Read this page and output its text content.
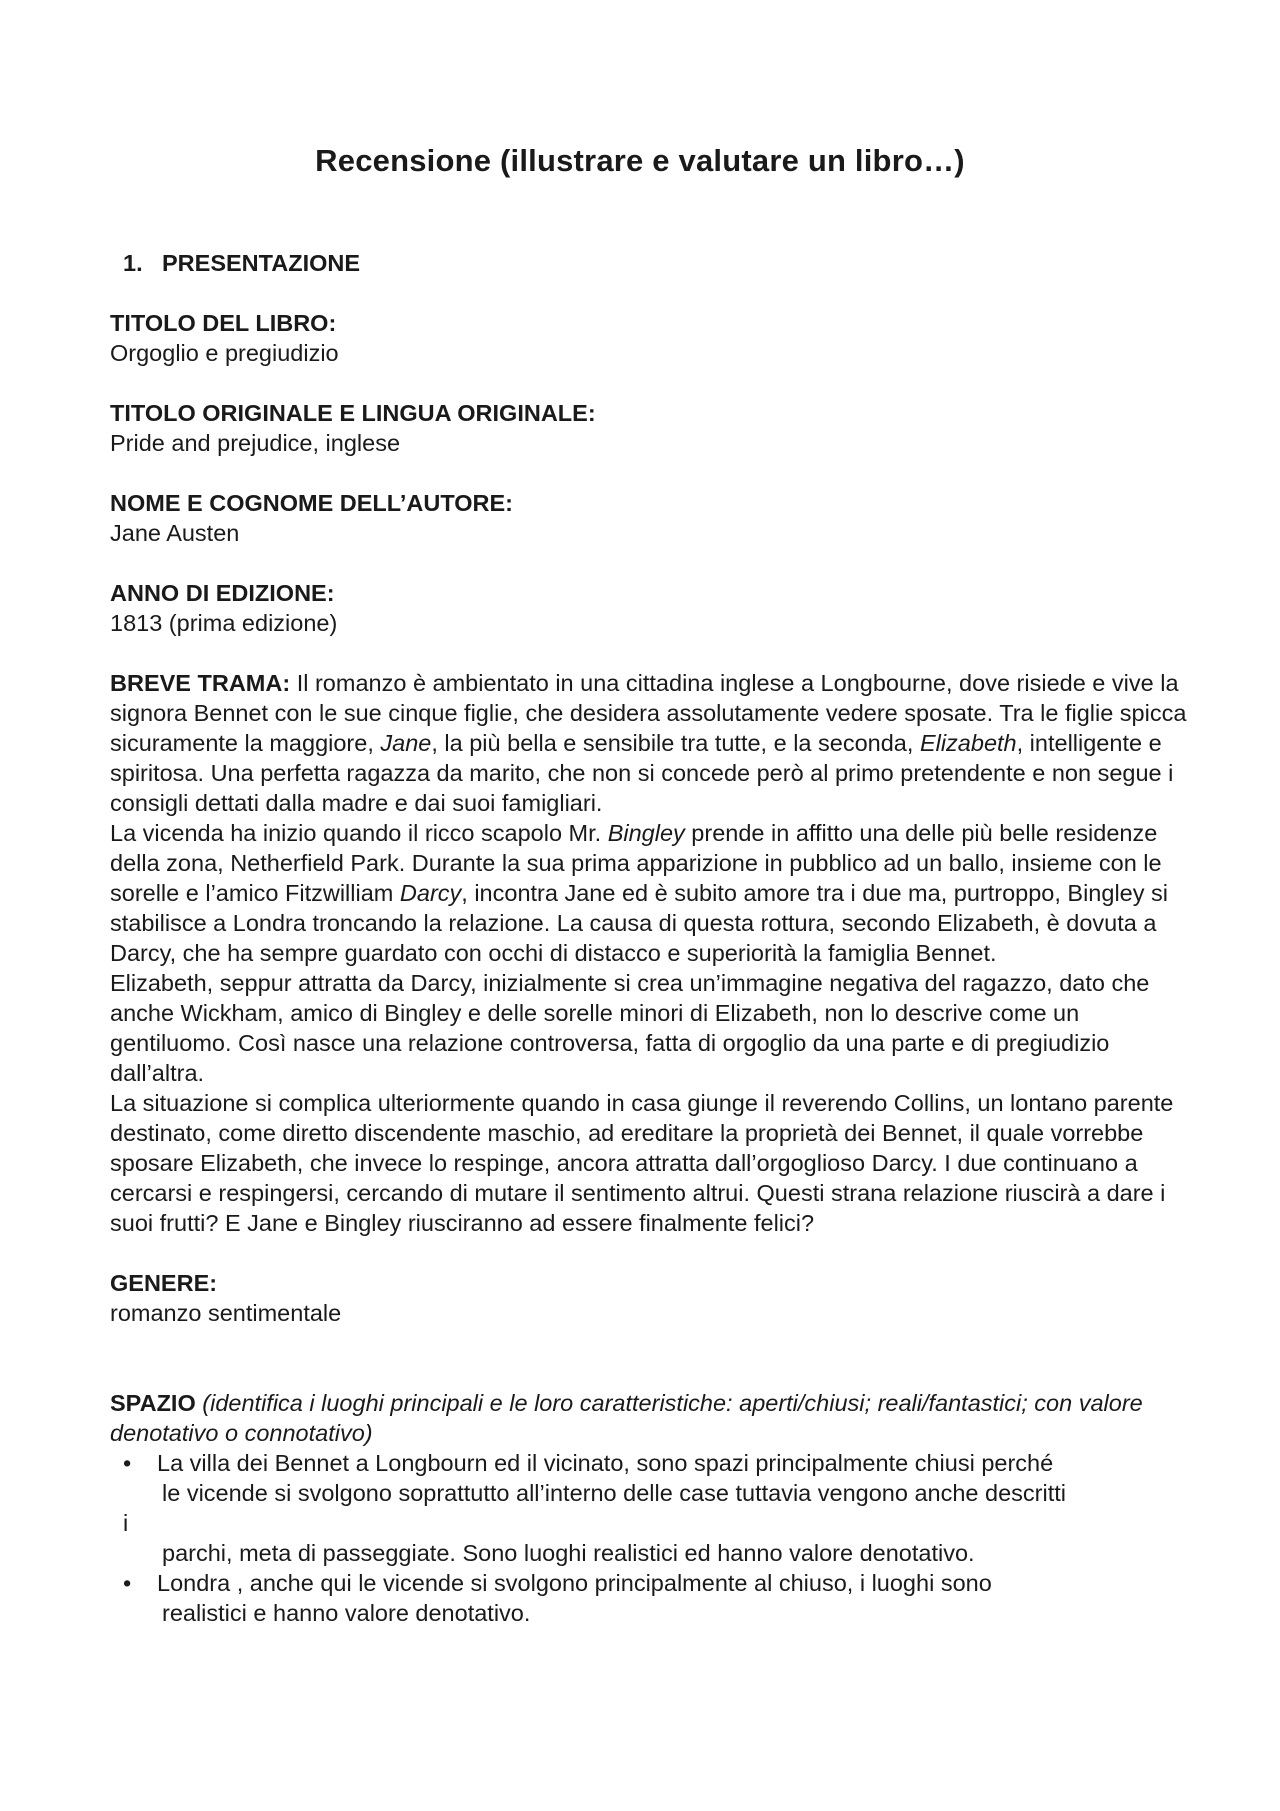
Recensione (illustrare e valutare un libro…)
1. PRESENTAZIONE

TITOLO DEL LIBRO:

Orgoglio e pregiudizio

TITOLO ORIGINALE E LINGUA ORIGINALE:

Pride and prejudice, inglese

NOME E COGNOME DELL’AUTORE:

Jane Austen

ANNO DI EDIZIONE:

1813 (prima edizione)

BREVE TRAMA: Il romanzo è ambientato in una cittadina inglese a Longbourne, dove risiede e vive la signora Bennet con le sue cinque figlie, che desidera assolutamente vedere sposate. Tra le figlie spicca sicuramente la maggiore, Jane, la più bella e sensibile tra tutte, e la seconda, Elizabeth, intelligente e spiritosa. Una perfetta ragazza da marito, che non si concede però al primo pretendente e non segue i consigli dettati dalla madre e dai suoi famigliari.

La vicenda ha inizio quando il ricco scapolo Mr. Bingley prende in affitto una delle più belle residenze della zona, Netherfield Park. Durante la sua prima apparizione in pubblico ad un ballo, insieme con le sorelle e l’amico Fitzwilliam Darcy, incontra Jane ed è subito amore tra i due ma, purtroppo, Bingley si stabilisce a Londra troncando la relazione. La causa di questa rottura, secondo Elizabeth, è dovuta a Darcy, che ha sempre guardato con occhi di distacco e superiorità la famiglia Bennet.

Elizabeth, seppur attratta da Darcy, inizialmente si crea un’immagine negativa del ragazzo, dato che anche Wickham, amico di Bingley e delle sorelle minori di Elizabeth, non lo descrive come un gentiluomo. Così nasce una relazione controversa, fatta di orgoglio da una parte e di pregiudizio dall’altra.

La situazione si complica ulteriormente quando in casa giunge il reverendo Collins, un lontano parente destinato, come diretto discendente maschio, ad ereditare la proprietà dei Bennet, il quale vorrebbe sposare Elizabeth, che invece lo respinge, ancora attratta dall’orgoglioso Darcy. I due continuano a cercarsi e respingersi, cercando di mutare il sentimento altrui. Questi strana relazione riuscirà a dare i suoi frutti? E Jane e Bingley riusciranno ad essere finalmente felici?

GENERE:

romanzo sentimentale

SPAZIO (identifica i luoghi principali e le loro caratteristiche: aperti/chiusi; reali/fantastici; con valore denotativo o connotativo)

• La villa dei Bennet a Longbourn ed il vicinato, sono spazi principalmente chiusi perché
le vicende si svolgono soprattutto all’interno delle case tuttavia vengono anche descritti
i
parchi, meta di passeggiate. Sono luoghi realistici ed hanno valore denotativo.
• Londra , anche qui le vicende si svolgono principalmente al chiuso, i luoghi sono
realistici e hanno valore denotativo.
